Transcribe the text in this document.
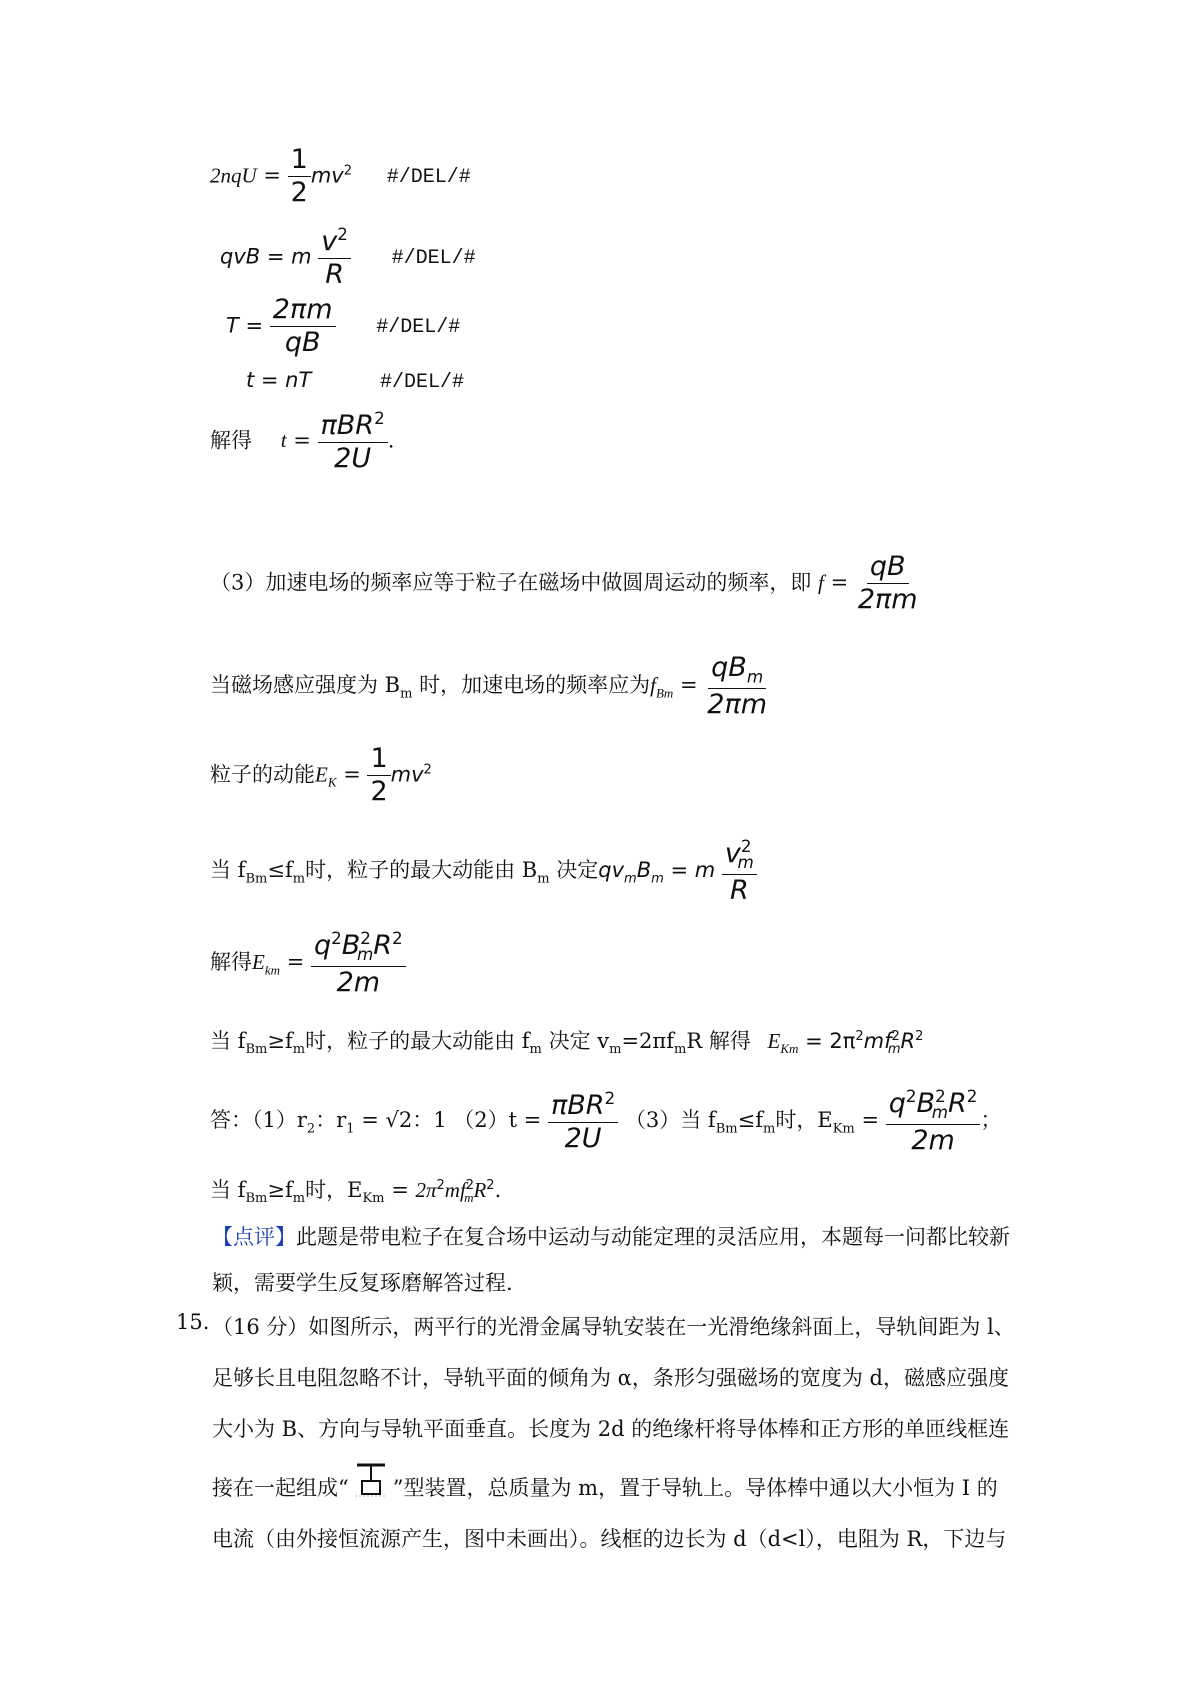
$2nqU = \frac{1}{2} mv^2$ #/DEL/#
qvB = m $\frac{v^2}{R}$ #/DEL/#
$T = \frac{2\pi m}{qB}$ #/DEL/#
t = nT	#/DEL/#
解得 $t = \frac{\pi BR^2}{2U}$ .
（3）加速电场的频率应等于粒子在磁场中做圆周运动的频率，即 $f = \frac{qB}{2\pi m}$
当磁场感应强度为 $B_m$ 时，加速电场的频率应为$f_{Bm} = \frac{qB_m}{2\pi m}$
粒子的动能$E_K = \frac{1}{2} mv^2$
当 $f_{Bm}\le f_m$时，粒子的最大动能由 $B_m$ 决定$qv_mB_m = m \frac{v ^2_m}{R}$
解得$E_{km} = \frac{q^2B^2_mR^2}{2m}$
当 $f_{Bm}\ge f_m$时，粒子的最大动能由 $f_m$ 决定 $v_m=2\pi f_mR$ 解得 $E_{Km} = 2\pi^2mf^2_mR^2$
答：$(1)r_2$：$r_1 = √2$：1 $(2)t = \frac{\pi BR^2}{2U} (3)$当 $f_{Bm}\le f_m$时，$E_{Km} = \frac{q^2B^2_mR^2}{2m}$ ；
当 $f_{Bm}\ge f_m$时，$E_{Km} = 2\pi^2mf^2_mR^2$.
【点评】此题是带电粒子在复合场中运动与动能定理的灵活应用，本题每一问都比较新
颖，需要学生反复琢磨解答过程.
15. （16 分）如图所示，两平行的光滑金属导轨安装在一光滑绝缘斜面上，导轨间距为 l、
足够长且电阻忽略不计，导轨平面的倾角为 α，条形匀强磁场的宽度为 d，磁感应强度
大小为 B、方向与导轨平面垂直。长度为 2d 的绝缘杆将导体棒和正方形的单匝线框连
接在一起组成“ ”型装置，总质量为 m，置于导轨上。导体棒中通以大小恒为 I 的
电流（由外接恒流源产生，图中未画出）。线框的边长为 d（d<l），电阻为 R，下边与
